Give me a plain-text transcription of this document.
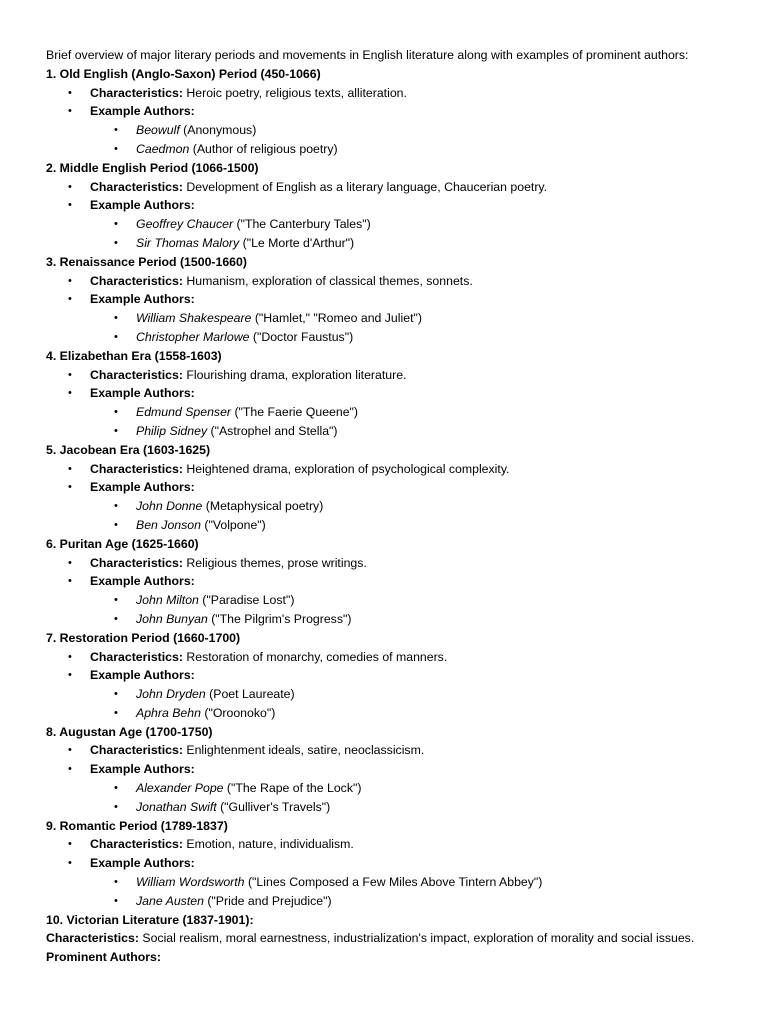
Brief overview of major literary periods and movements in English literature along with examples of prominent authors:
1. Old English (Anglo-Saxon) Period (450-1066)
• Characteristics: Heroic poetry, religious texts, alliteration.
• Example Authors:
• Beowulf (Anonymous)
• Caedmon (Author of religious poetry)
2. Middle English Period (1066-1500)
• Characteristics: Development of English as a literary language, Chaucerian poetry.
• Example Authors:
• Geoffrey Chaucer ("The Canterbury Tales")
• Sir Thomas Malory ("Le Morte d'Arthur")
3. Renaissance Period (1500-1660)
• Characteristics: Humanism, exploration of classical themes, sonnets.
• Example Authors:
• William Shakespeare ("Hamlet," "Romeo and Juliet")
• Christopher Marlowe ("Doctor Faustus")
4. Elizabethan Era (1558-1603)
• Characteristics: Flourishing drama, exploration literature.
• Example Authors:
• Edmund Spenser ("The Faerie Queene")
• Philip Sidney ("Astrophel and Stella")
5. Jacobean Era (1603-1625)
• Characteristics: Heightened drama, exploration of psychological complexity.
• Example Authors:
• John Donne (Metaphysical poetry)
• Ben Jonson ("Volpone")
6. Puritan Age (1625-1660)
• Characteristics: Religious themes, prose writings.
• Example Authors:
• John Milton ("Paradise Lost")
• John Bunyan ("The Pilgrim's Progress")
7. Restoration Period (1660-1700)
• Characteristics: Restoration of monarchy, comedies of manners.
• Example Authors:
• John Dryden (Poet Laureate)
• Aphra Behn ("Oroonoko")
8. Augustan Age (1700-1750)
• Characteristics: Enlightenment ideals, satire, neoclassicism.
• Example Authors:
• Alexander Pope ("The Rape of the Lock")
• Jonathan Swift ("Gulliver's Travels")
9. Romantic Period (1789-1837)
• Characteristics: Emotion, nature, individualism.
• Example Authors:
• William Wordsworth ("Lines Composed a Few Miles Above Tintern Abbey")
• Jane Austen ("Pride and Prejudice")
10. Victorian Literature (1837-1901):
Characteristics: Social realism, moral earnestness, industrialization's impact, exploration of morality and social issues.
Prominent Authors:
